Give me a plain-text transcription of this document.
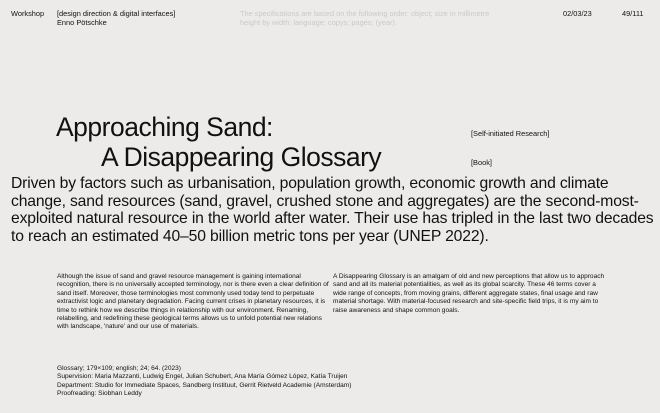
Workshop [design direction & digital interfaces]
Enno Pötschke
The specifications are based on the following order: object; size in millimetre height by width; language; copys; pages; (year).
02/03/23	49/111
Approaching Sand:
A Disappearing Glossary
[Self-initiated Research]
[Book]

Driven by factors such as urbanisation, population growth, economic growth and climate change, sand resources (sand, gravel, crushed stone and aggregates) are the second-most-exploited natural resource in the world after water. Their use has tripled in the last two decades to reach an estimated 40–50 billion metric tons per year (UNEP 2022).

Although the issue of sand and gravel resource management is gaining international recognition, there is no universally accepted terminology, nor is there even a clear definition of sand itself. Moreover, those terminologies most commonly used today tend to perpetuate extractivist logic and planetary degradation. Facing current crises in planetary resources, it is time to rethink how we describe things in relationship with our environment. Renaming, relabelling, and redefining these geological terms allows us to unfold potential new relations with landscape, 'nature' and our use of materials.

A Disappearing Glossary is an amalgam of old and new perceptions that allow us to approach sand and all its material potentialities, as well as its global scarcity. These 46 terms cover a wide range of concepts, from moving grains, different aggregate states, final usage and raw material shortage. With material-focused research and site-specific field trips, it is my aim to raise awareness and shape common goals.

Glossary; 179×109; english; 24; 64. (2023)
Supervision: Maria Mazzanti, Ludwig Engel, Julian Schubert, Ana María Gómez López, Katía Truijen
Department: Studio for Immediate Spaces, Sandberg Instituut, Gerrit Rietveld Academie (Amsterdam)
Proofreading: Siobhan Leddy
